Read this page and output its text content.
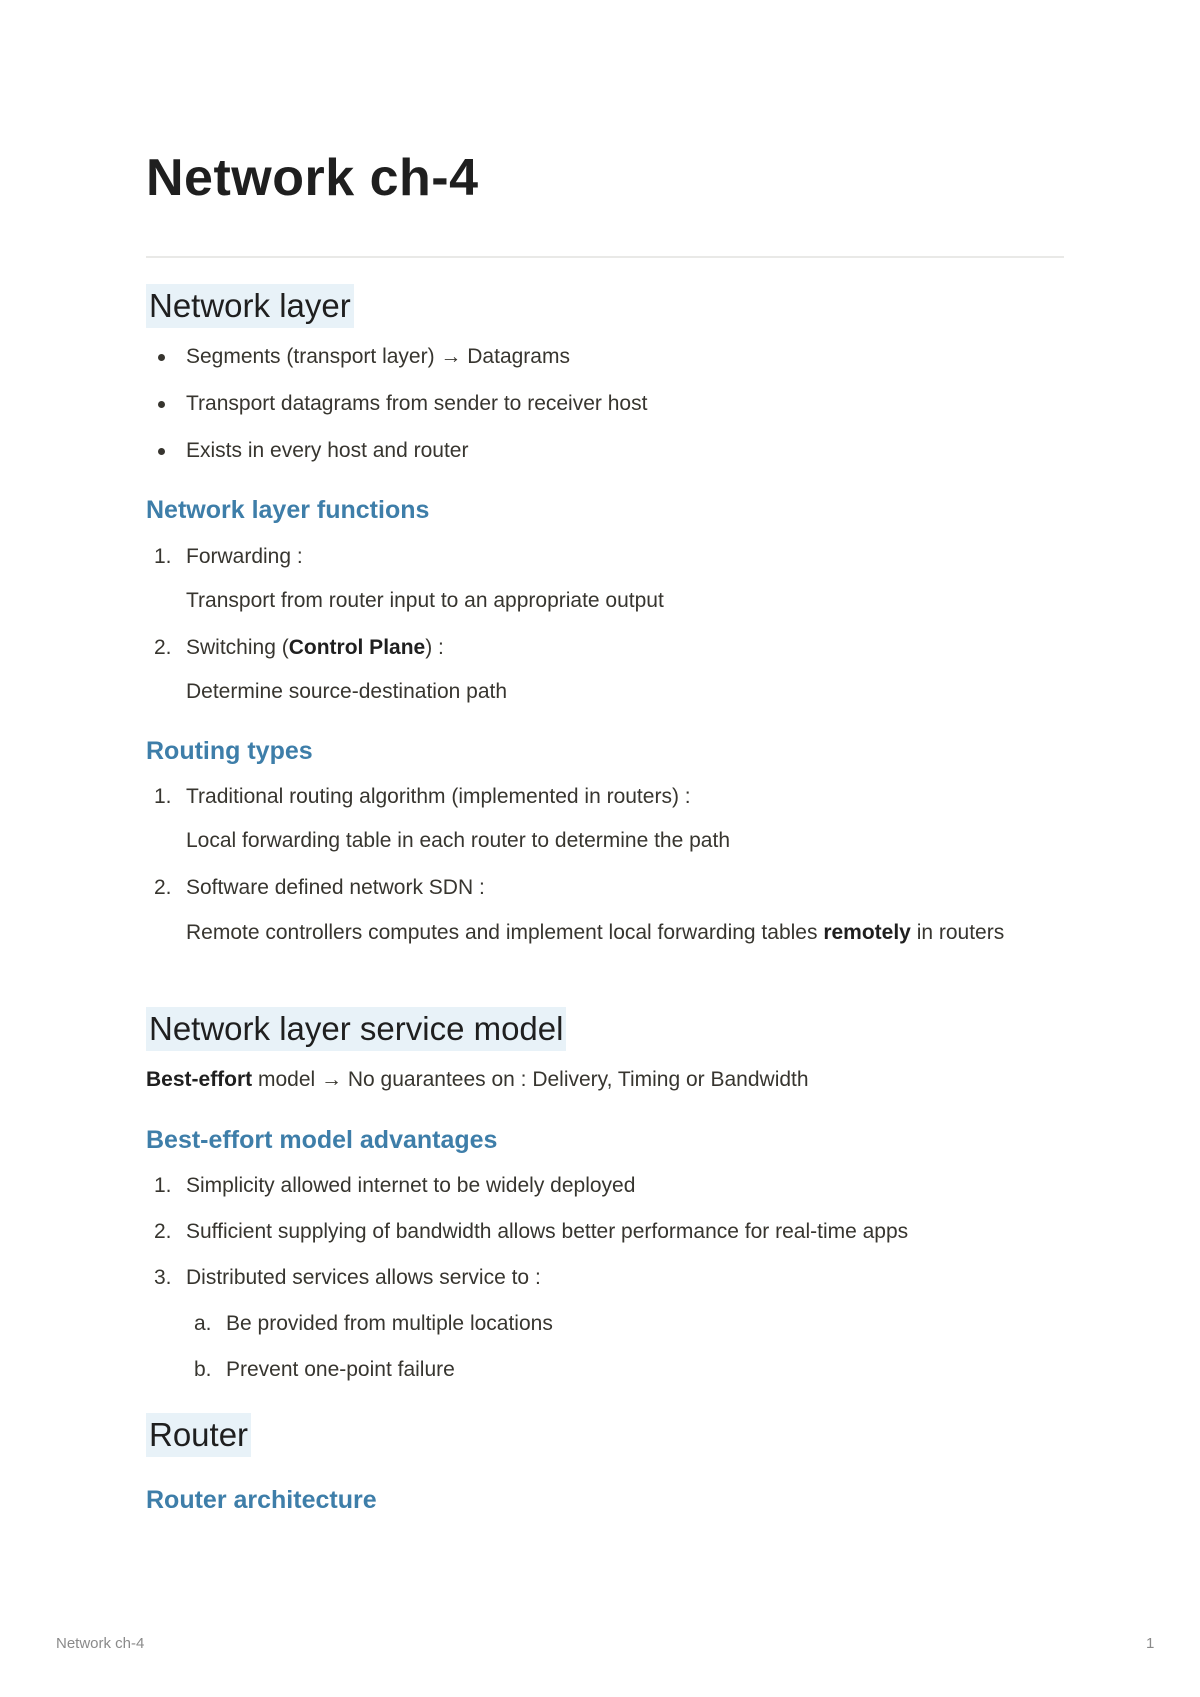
Network ch-4
Network layer
Segments (transport layer) → Datagrams
Transport datagrams from sender to receiver host
Exists in every host and router
Network layer functions
1. Forwarding :
Transport from router input to an appropriate output
2. Switching (Control Plane) :
Determine source-destination path
Routing types
1. Traditional routing algorithm (implemented in routers) :
Local forwarding table in each router to determine the path
2. Software defined network SDN :
Remote controllers computes and implement local forwarding tables remotely in routers
Network layer service model
Best-effort model → No guarantees on : Delivery, Timing or Bandwidth
Best-effort model advantages
1. Simplicity allowed internet to be widely deployed
2. Sufficient supplying of bandwidth allows better performance for real-time apps
3. Distributed services allows service to :
a. Be provided from multiple locations
b. Prevent one-point failure
Router
Router architecture
Network ch-4	1
